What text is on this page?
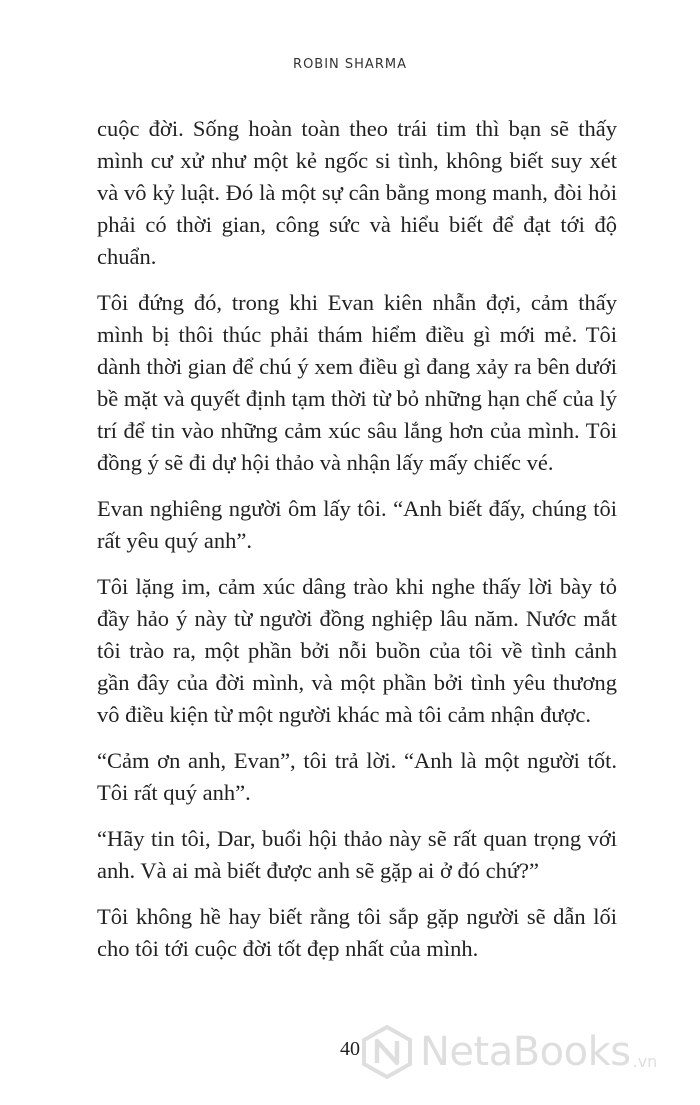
ROBIN SHARMA

cuộc đời. Sống hoàn toàn theo trái tim thì bạn sẽ thấy mình cư xử như một kẻ ngốc si tình, không biết suy xét và vô kỷ luật. Đó là một sự cân bằng mong manh, đòi hỏi phải có thời gian, công sức và hiểu biết để đạt tới độ chuẩn.

Tôi đứng đó, trong khi Evan kiên nhẫn đợi, cảm thấy mình bị thôi thúc phải thám hiểm điều gì mới mẻ. Tôi dành thời gian để chú ý xem điều gì đang xảy ra bên dưới bề mặt và quyết định tạm thời từ bỏ những hạn chế của lý trí để tin vào những cảm xúc sâu lắng hơn của mình. Tôi đồng ý sẽ đi dự hội thảo và nhận lấy mấy chiếc vé.

Evan nghiêng người ôm lấy tôi. “Anh biết đấy, chúng tôi rất yêu quý anh”.

Tôi lặng im, cảm xúc dâng trào khi nghe thấy lời bày tỏ đầy hảo ý này từ người đồng nghiệp lâu năm. Nước mắt tôi trào ra, một phần bởi nỗi buồn của tôi về tình cảnh gần đây của đời mình, và một phần bởi tình yêu thương vô điều kiện từ một người khác mà tôi cảm nhận được.

“Cảm ơn anh, Evan”, tôi trả lời. “Anh là một người tốt. Tôi rất quý anh”.

“Hãy tin tôi, Dar, buổi hội thảo này sẽ rất quan trọng với anh. Và ai mà biết được anh sẽ gặp ai ở đó chứ?”

Tôi không hề hay biết rằng tôi sắp gặp người sẽ dẫn lối cho tôi tới cuộc đời tốt đẹp nhất của mình.

40	NetaBooks .vn
